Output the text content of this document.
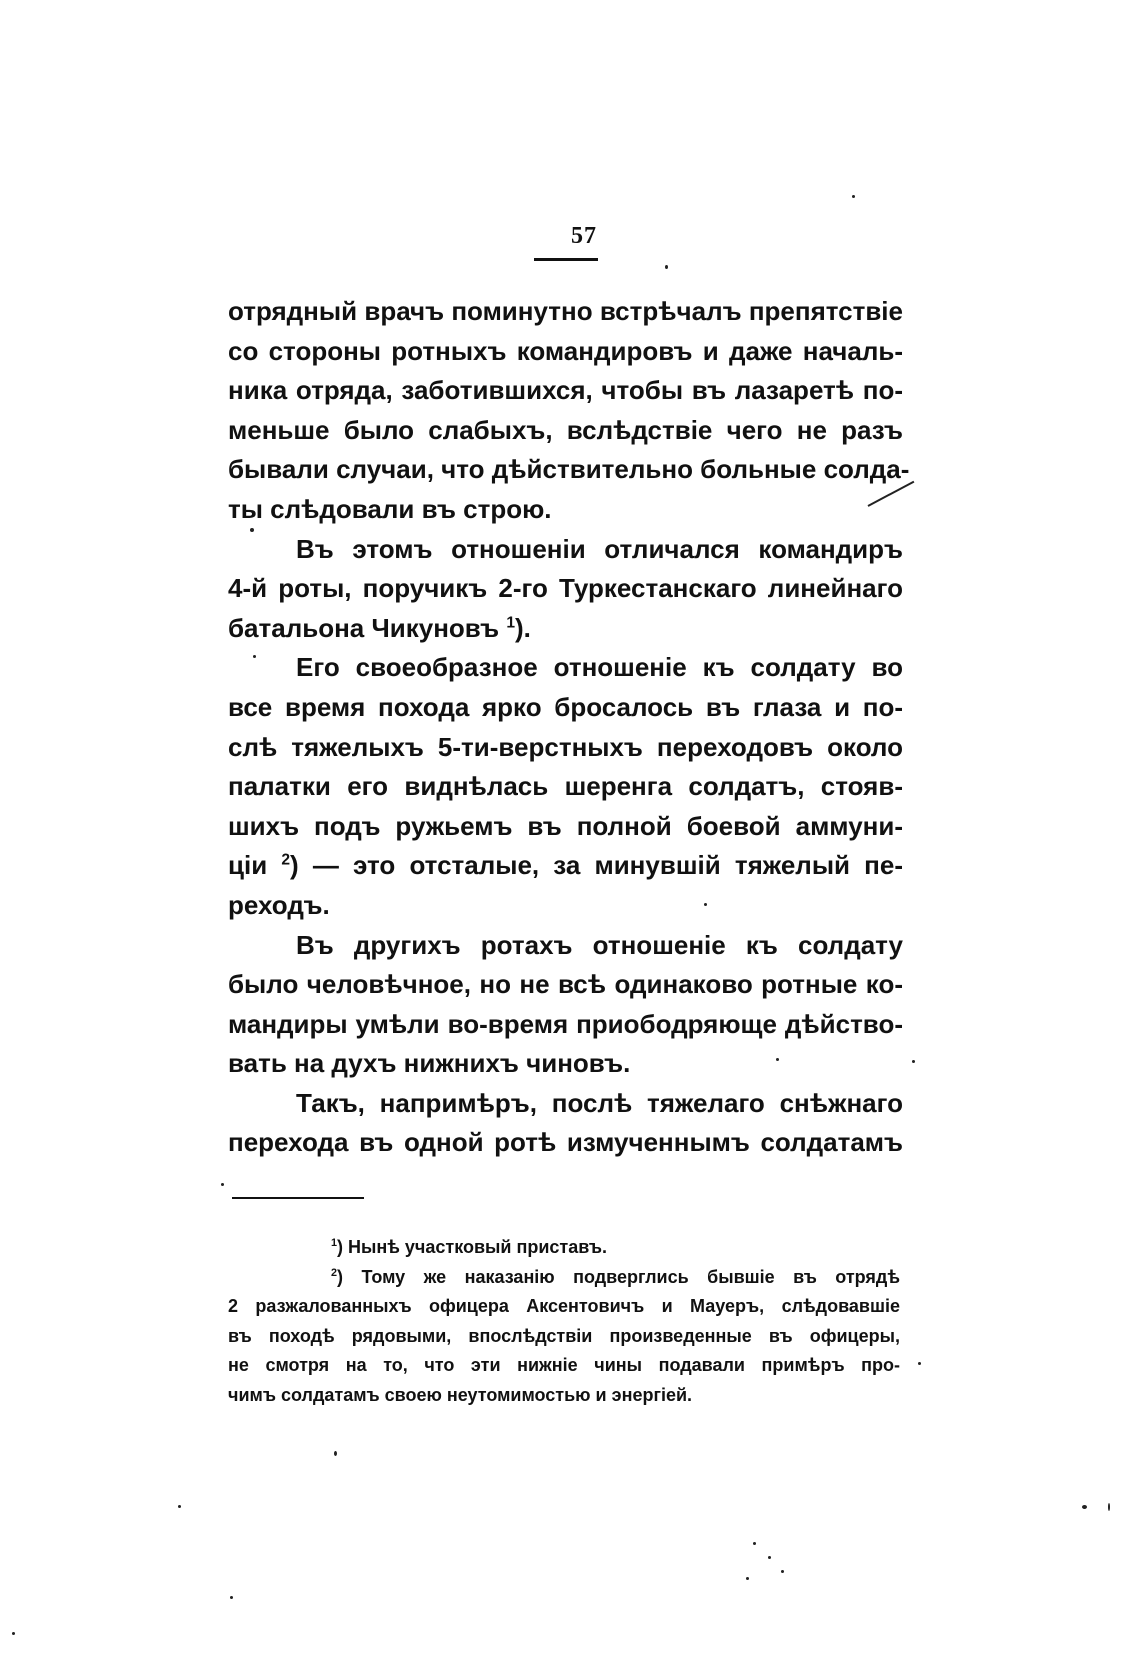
57
отрядный врачъ поминутно встрѣчалъ препятствіе
со стороны ротныхъ командировъ и даже началь-
ника отряда, заботившихся, чтобы въ лазаретѣ по-
меньше было слабыхъ, вслѣдствіе чего не разъ
бывали случаи, что дѣйствительно больные солда-
ты слѣдовали въ строю.
Въ этомъ отношеніи отличался командиръ
4-й роты, поручикъ 2-го Туркестанскаго линейнаго
батальона Чикуновъ $^1$).
Его своеобразное отношеніе къ солдату во
все время похода ярко бросалось въ глаза и по-
слѣ тяжелыхъ 5-ти-верстныхъ переходовъ около
палатки его виднѣлась шеренга солдатъ, стояв-
шихъ подъ ружьемъ въ полной боевой аммуни-
ціи $^2$) — это отсталые, за минувшій тяжелый пе-
реходъ.
Въ другихъ ротахъ отношеніе къ солдату
было человѣчное, но не всѣ одинаково ротные ко-
мандиры умѣли во-время приободряюще дѣйство-
вать на духъ нижнихъ чиновъ.
Такъ, напримѣръ, послѣ тяжелаго снѣжнаго
перехода въ одной ротѣ измученнымъ солдатамъ
$^1$) Нынѣ участковый приставъ.
$^2$) Тому же наказанію подверглись бывшіе въ отрядѣ
2 разжалованныхъ офицера Аксентовичъ и Мауеръ, слѣдовавшіе
въ походѣ рядовыми, впослѣдствіи произведенные въ офицеры,
не смотря на то, что эти нижніе чины подавали примѣръ про-
чимъ солдатамъ своею неутомимостью и энергіей.
